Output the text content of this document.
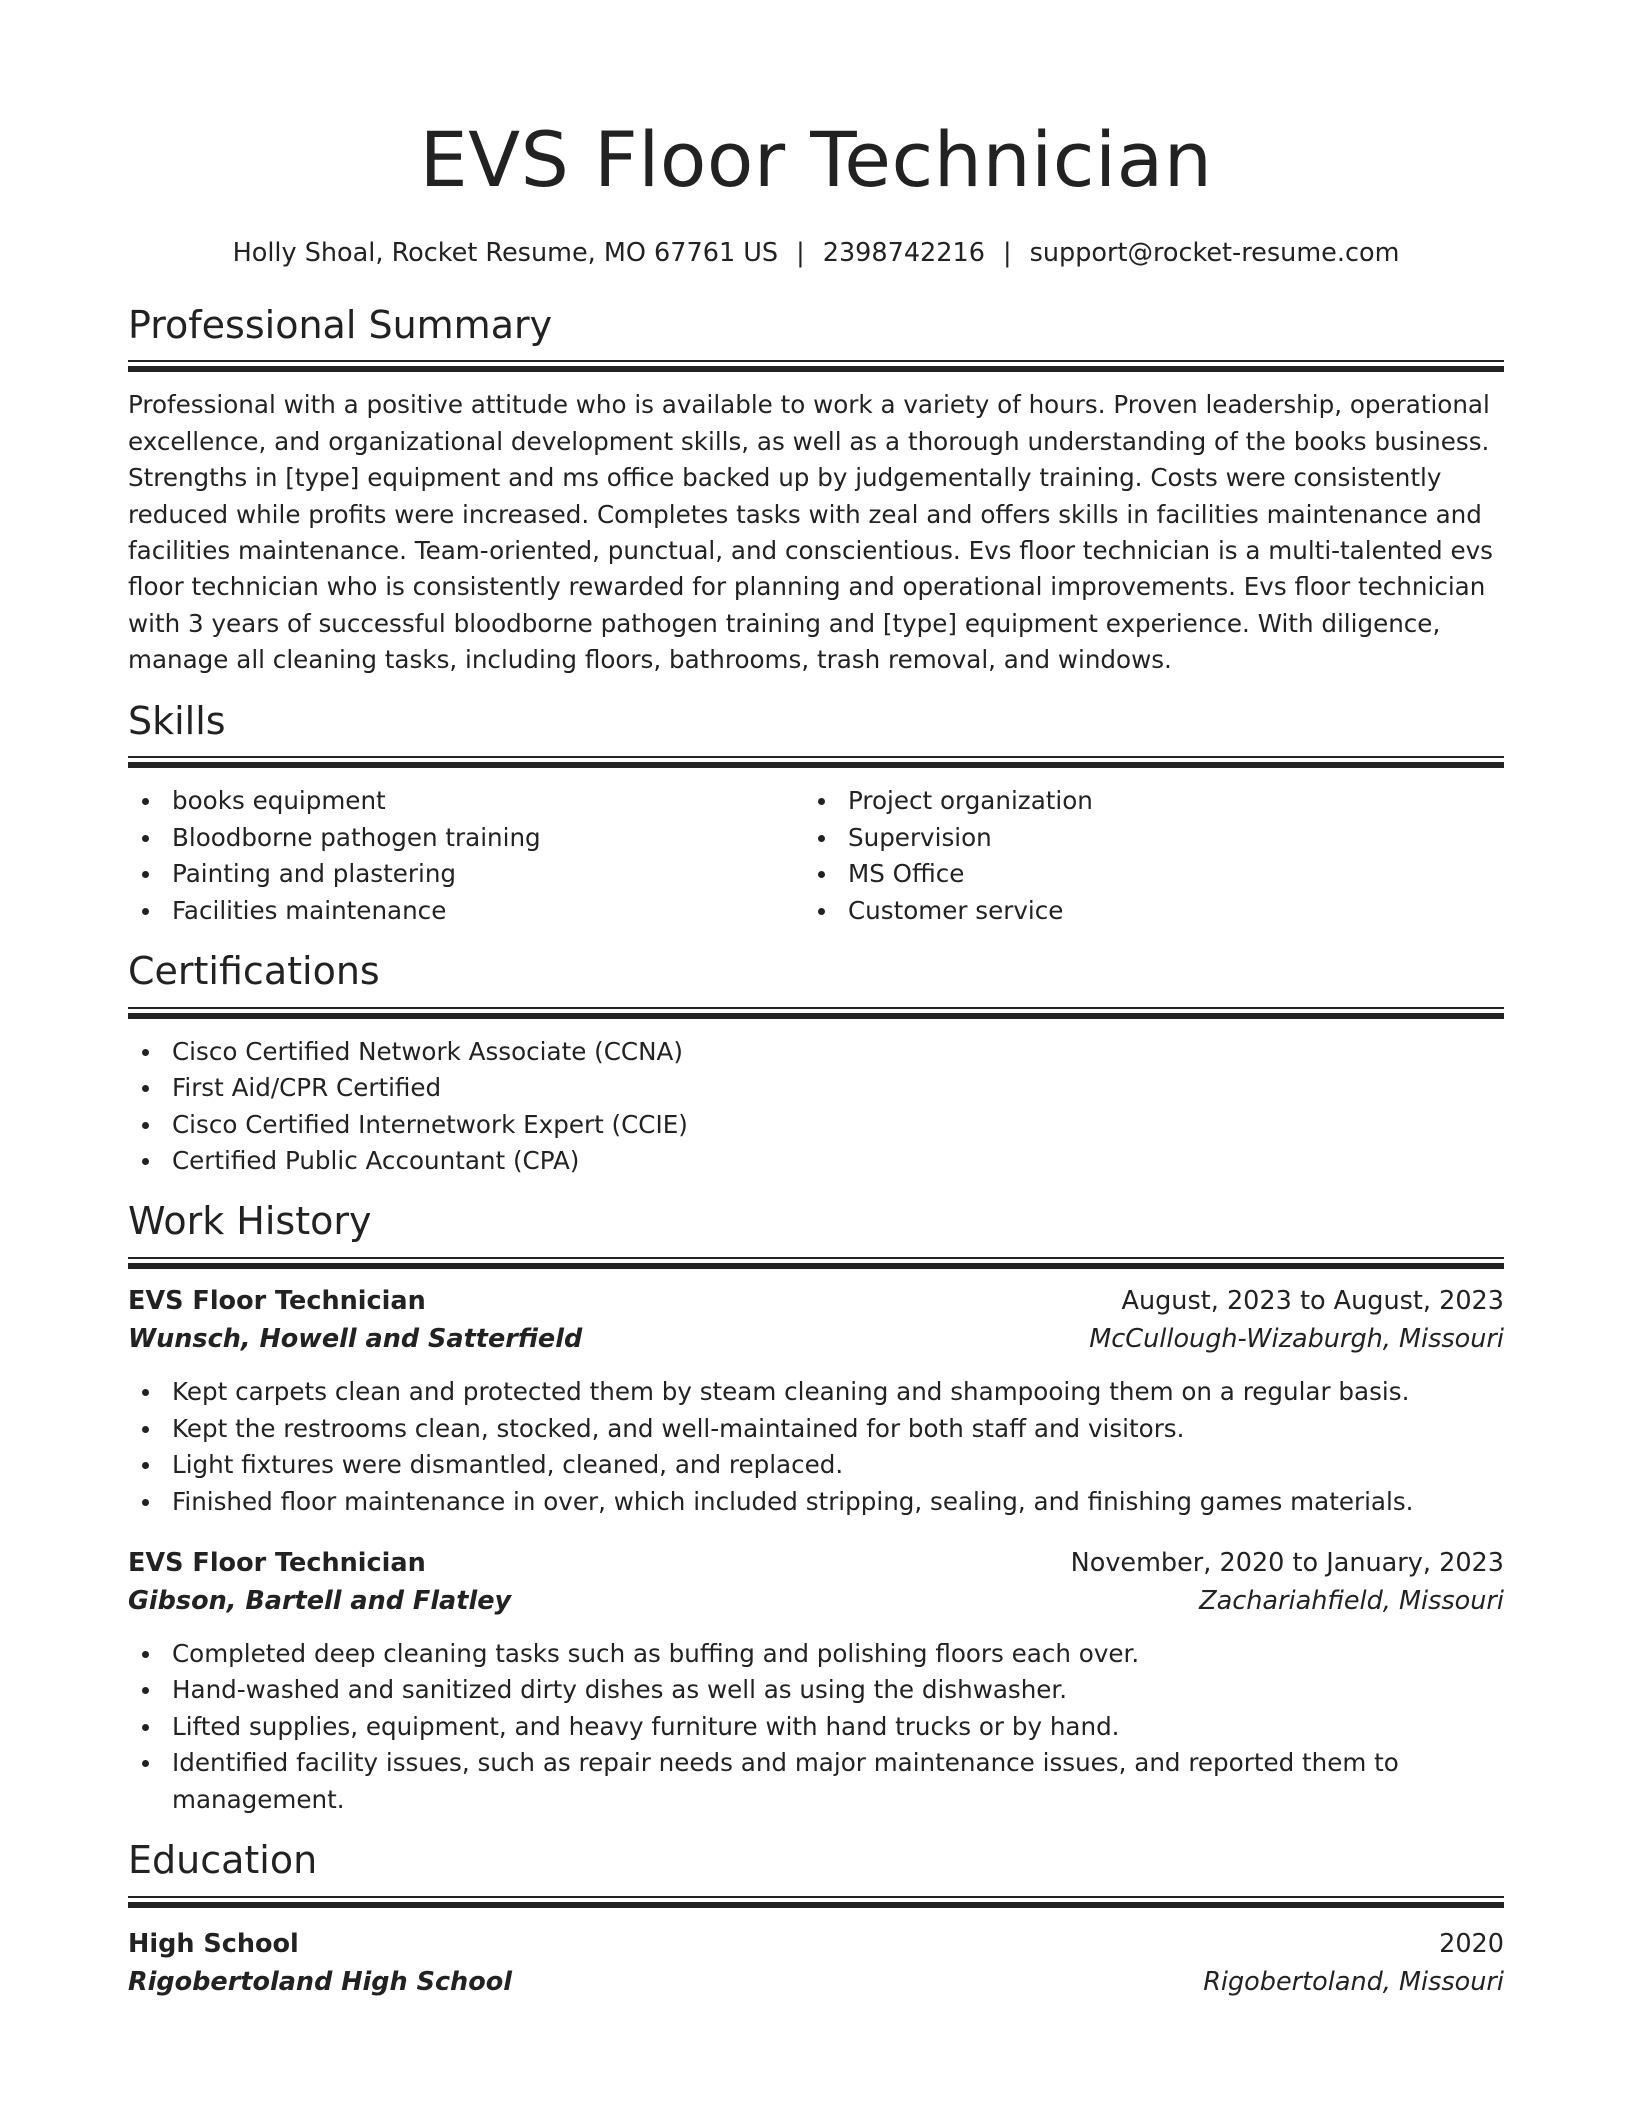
EVS Floor Technician
Holly Shoal, Rocket Resume, MO 67761 US | 2398742216 | support@rocket-resume.com
Professional Summary

Professional with a positive attitude who is available to work a variety of hours. Proven leadership, operational excellence, and organizational development skills, as well as a thorough understanding of the books business. Strengths in [type] equipment and ms office backed up by judgementally training. Costs were consistently reduced while profits were increased. Completes tasks with zeal and offers skills in facilities maintenance and facilities maintenance. Team-oriented, punctual, and conscientious. Evs floor technician is a multi-talented evs floor technician who is consistently rewarded for planning and operational improvements. Evs floor technician with 3 years of successful bloodborne pathogen training and [type] equipment experience. With diligence, manage all cleaning tasks, including floors, bathrooms, trash removal, and windows.

Skills
books equipment
Bloodborne pathogen training
Painting and plastering
Facilities maintenance
Project organization
Supervision
MS Office
Customer service
Certifications
Cisco Certified Network Associate (CCNA)
First Aid/CPR Certified
Cisco Certified Internetwork Expert (CCIE)
Certified Public Accountant (CPA)
Work History
EVS Floor Technician	August, 2023 to August, 2023
Wunsch, Howell and Satterfield	McCullough-Wizaburgh, Missouri
Kept carpets clean and protected them by steam cleaning and shampooing them on a regular basis.
Kept the restrooms clean, stocked, and well-maintained for both staff and visitors.
Light fixtures were dismantled, cleaned, and replaced.
Finished floor maintenance in over, which included stripping, sealing, and finishing games materials.
EVS Floor Technician	November, 2020 to January, 2023
Gibson, Bartell and Flatley	Zachariahfield, Missouri
Completed deep cleaning tasks such as buffing and polishing floors each over.
Hand-washed and sanitized dirty dishes as well as using the dishwasher.
Lifted supplies, equipment, and heavy furniture with hand trucks or by hand.
Identified facility issues, such as repair needs and major maintenance issues, and reported them to management.
Education
High School	2020
Rigobertoland High School	Rigobertoland, Missouri
